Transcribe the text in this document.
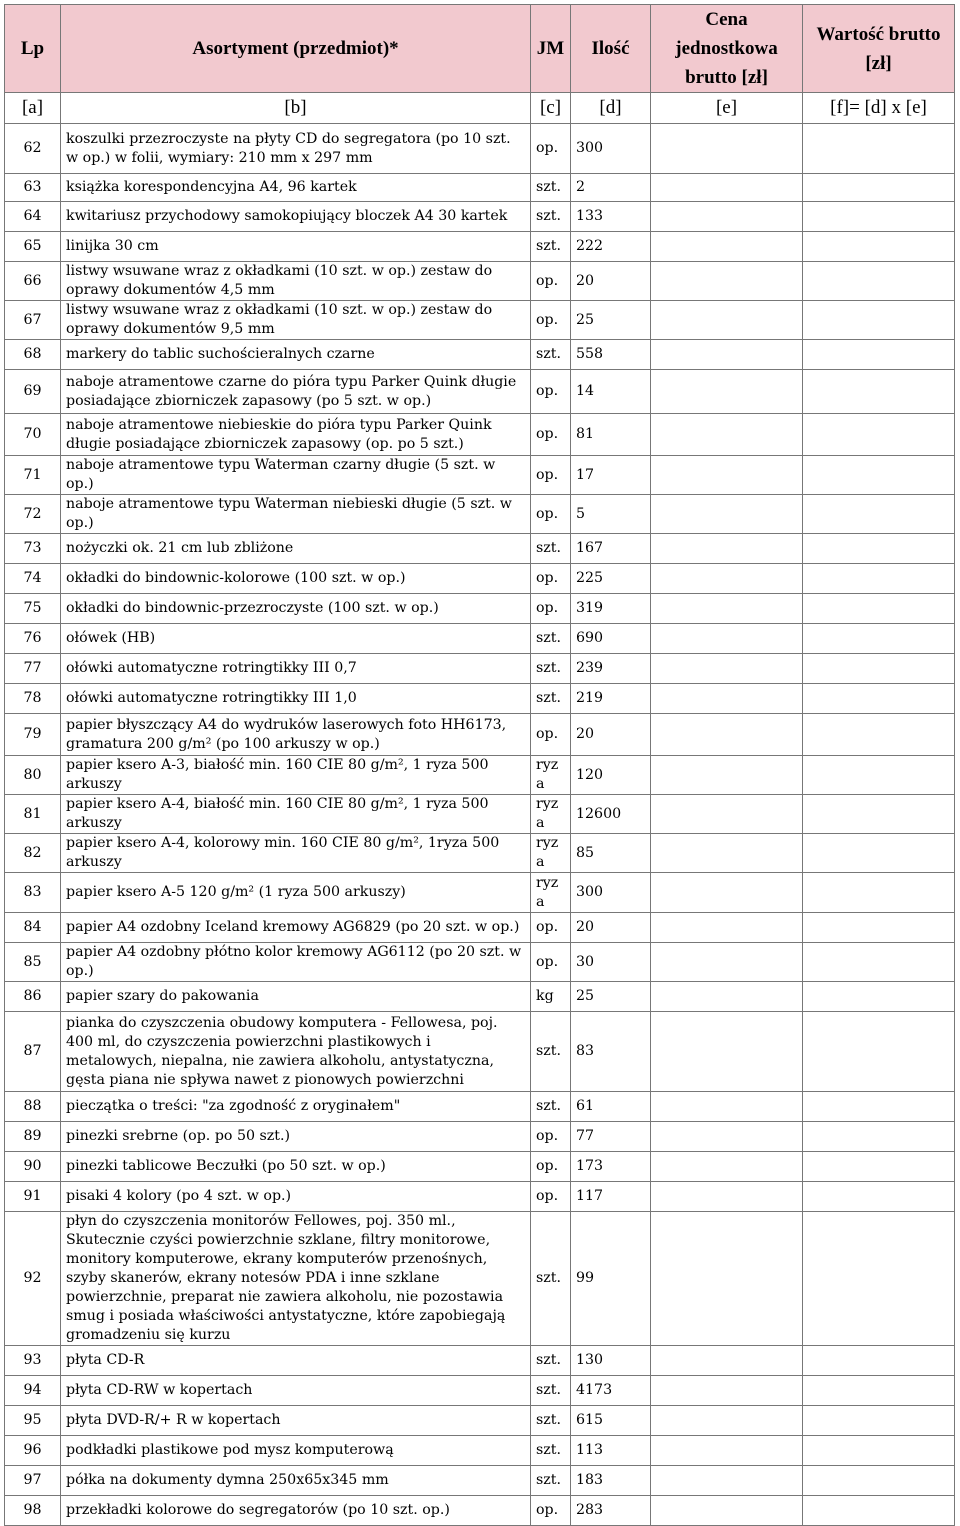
Lp	Asortyment (przedmiot)*	JM	Ilość	Cena jednostkowa brutto [zł]	Wartość brutto [zł]
[a]	[b]	[c]	[d]	[e]	[f]= [d] x [e]
62	koszulki przezroczyste na płyty CD do segregatora (po 10 szt. w op.) w folii, wymiary: 210 mm x 297 mm	op.	300		
63	książka korespondencyjna A4, 96 kartek	szt.	2		
64	kwitariusz przychodowy samokopiujący bloczek A4 30 kartek	szt.	133		
65	linijka 30 cm	szt.	222		
66	listwy wsuwane wraz z okładkami (10 szt. w op.) zestaw do oprawy dokumentów 4,5 mm	op.	20		
67	listwy wsuwane wraz z okładkami (10 szt. w op.) zestaw do oprawy dokumentów 9,5 mm	op.	25		
68	markery do tablic suchościeralnych czarne	szt.	558		
69	naboje atramentowe czarne do pióra typu Parker Quink długie posiadające zbiorniczek zapasowy (po 5 szt. w op.)	op.	14		
70	naboje atramentowe niebieskie do pióra typu Parker Quink długie posiadające zbiorniczek zapasowy (op. po 5 szt.)	op.	81		
71	naboje atramentowe typu Waterman czarny długie (5 szt. w op.)	op.	17		
72	naboje atramentowe typu Waterman niebieski długie (5 szt. w op.)	op.	5		
73	nożyczki ok. 21 cm lub zbliżone	szt.	167		
74	okładki do bindownic-kolorowe (100 szt. w op.)	op.	225		
75	okładki do bindownic-przezroczyste (100 szt. w op.)	op.	319		
76	ołówek (HB)	szt.	690		
77	ołówki automatyczne rotringtikky III 0,7	szt.	239		
78	ołówki automatyczne rotringtikky III 1,0	szt.	219		
79	papier błyszczący A4 do wydruków laserowych foto HH6173, gramatura 200 g/m² (po 100 arkuszy w op.)	op.	20		
80	papier ksero A-3, białość min. 160 CIE 80 g/m², 1 ryza 500 arkuszy	ryz a	120		
81	papier ksero A-4, białość min. 160 CIE 80 g/m², 1 ryza 500 arkuszy	ryz a	12600		
82	papier ksero A-4, kolorowy min. 160 CIE 80 g/m², 1ryza 500 arkuszy	ryz a	85		
83	papier ksero A-5 120 g/m² (1 ryza 500 arkuszy)	ryz a	300		
84	papier A4 ozdobny Iceland kremowy AG6829 (po 20 szt. w op.)	op.	20		
85	papier A4 ozdobny płótno kolor kremowy AG6112 (po 20 szt. w op.)	op.	30		
86	papier szary do pakowania	kg	25		
87	pianka do czyszczenia obudowy komputera - Fellowesa, poj. 400 ml, do czyszczenia powierzchni plastikowych i metalowych, niepalna, nie zawiera alkoholu, antystatyczna, gęsta piana nie spływa nawet z pionowych powierzchni	szt.	83		
88	pieczątka o treści: "za zgodność z oryginałem"	szt.	61		
89	pinezki srebrne (op. po 50 szt.)	op.	77		
90	pinezki tablicowe Beczułki (po 50 szt. w op.)	op.	173		
91	pisaki 4 kolory (po 4 szt. w op.)	op.	117		
92	płyn do czyszczenia monitorów Fellowes, poj. 350 ml., Skutecznie czyści powierzchnie szklane, filtry monitorowe, monitory komputerowe, ekrany komputerów przenośnych, szyby skanerów, ekrany notesów PDA i inne szklane powierzchnie, preparat nie zawiera alkoholu, nie pozostawia smug i posiada właściwości antystatyczne, które zapobiegają gromadzeniu się kurzu	szt.	99		
93	płyta CD-R	szt.	130		
94	płyta CD-RW w kopertach	szt.	4173		
95	płyta DVD-R/+ R w kopertach	szt.	615		
96	podkładki plastikowe pod mysz komputerową	szt.	113		
97	półka na dokumenty dymna 250x65x345 mm	szt.	183		
98	przekładki kolorowe do segregatorów (po 10 szt. op.)	op.	283		
